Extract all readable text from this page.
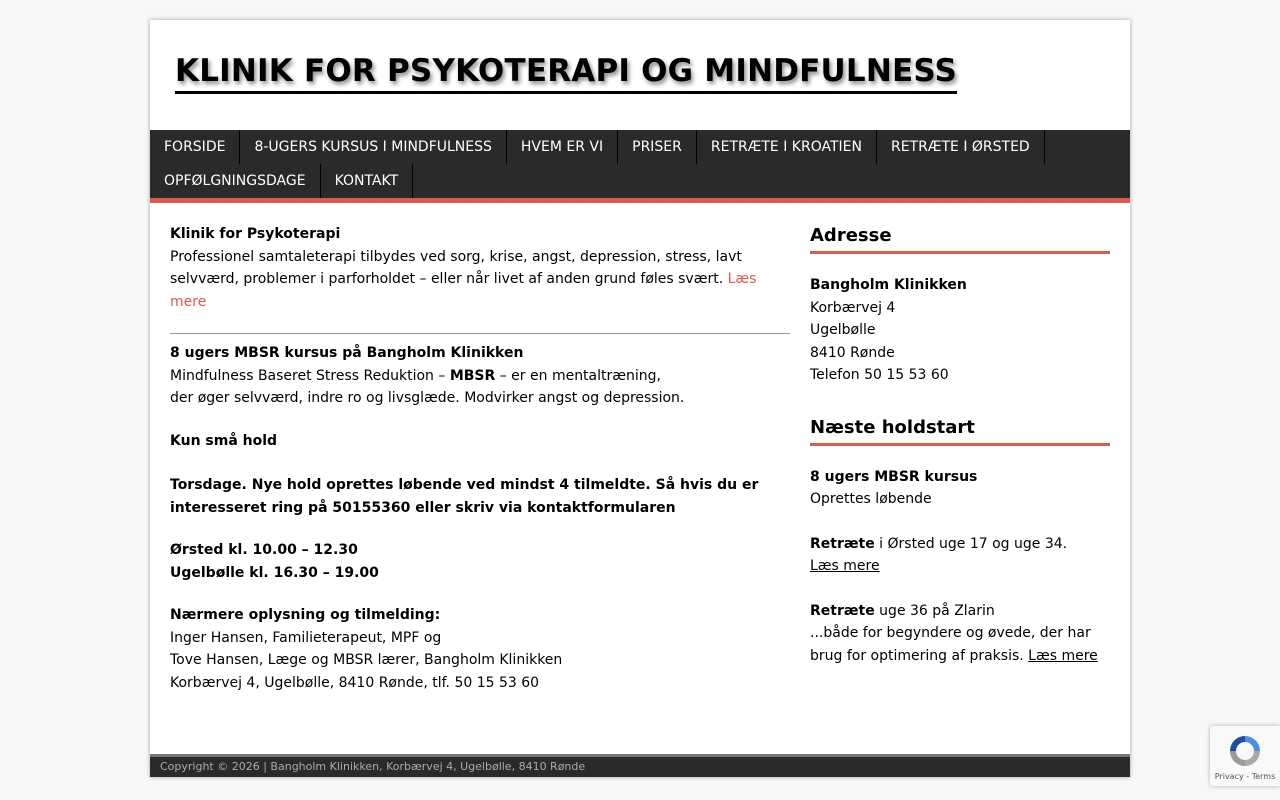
KLINIK FOR PSYKOTERAPI OG MINDFULNESS
FORSIDE	8-UGERS KURSUS I MINDFULNESS	HVEM ER VI	PRISER	RETRÆTE I KROATIEN	RETRÆTE I ØRSTED
OPFØLGNINGSDAGE	KONTAKT

Klinik for Psykoterapi
Professionel samtaleterapi tilbydes ved sorg, krise, angst, depression, stress, lavt selvværd, problemer i parforholdet – eller når livet af anden grund føles svært. Læs mere

8 ugers MBSR kursus på Bangholm Klinikken
Mindfulness Baseret Stress Reduktion – MBSR – er en mentaltræning,
der øger selvværd, indre ro og livsglæde. Modvirker angst og depression.

Kun små hold

Torsdage. Nye hold oprettes løbende ved mindst 4 tilmeldte. Så hvis du er interesseret ring på 50155360 eller skriv via kontaktformularen

Ørsted kl. 10.00 – 12.30
Ugelbølle kl. 16.30 – 19.00

Nærmere oplysning og tilmelding:
Inger Hansen, Familieterapeut, MPF og
Tove Hansen, Læge og MBSR lærer, Bangholm Klinikken
Korbærvej 4, Ugelbølle, 8410 Rønde, tlf. 50 15 53 60

Adresse

Bangholm Klinikken
Korbærvej 4
Ugelbølle
8410 Rønde
Telefon 50 15 53 60

Næste holdstart

8 ugers MBSR kursus
Oprettes løbende

Retræte i Ørsted uge 17 og uge 34.
Læs mere

Retræte uge 36 på Zlarin
...både for begyndere og øvede, der har brug for optimering af praksis. Læs mere

Copyright © 2026 | Bangholm Klinikken, Korbærvej 4, Ugelbølle, 8410 Rønde
Privacy - Terms
